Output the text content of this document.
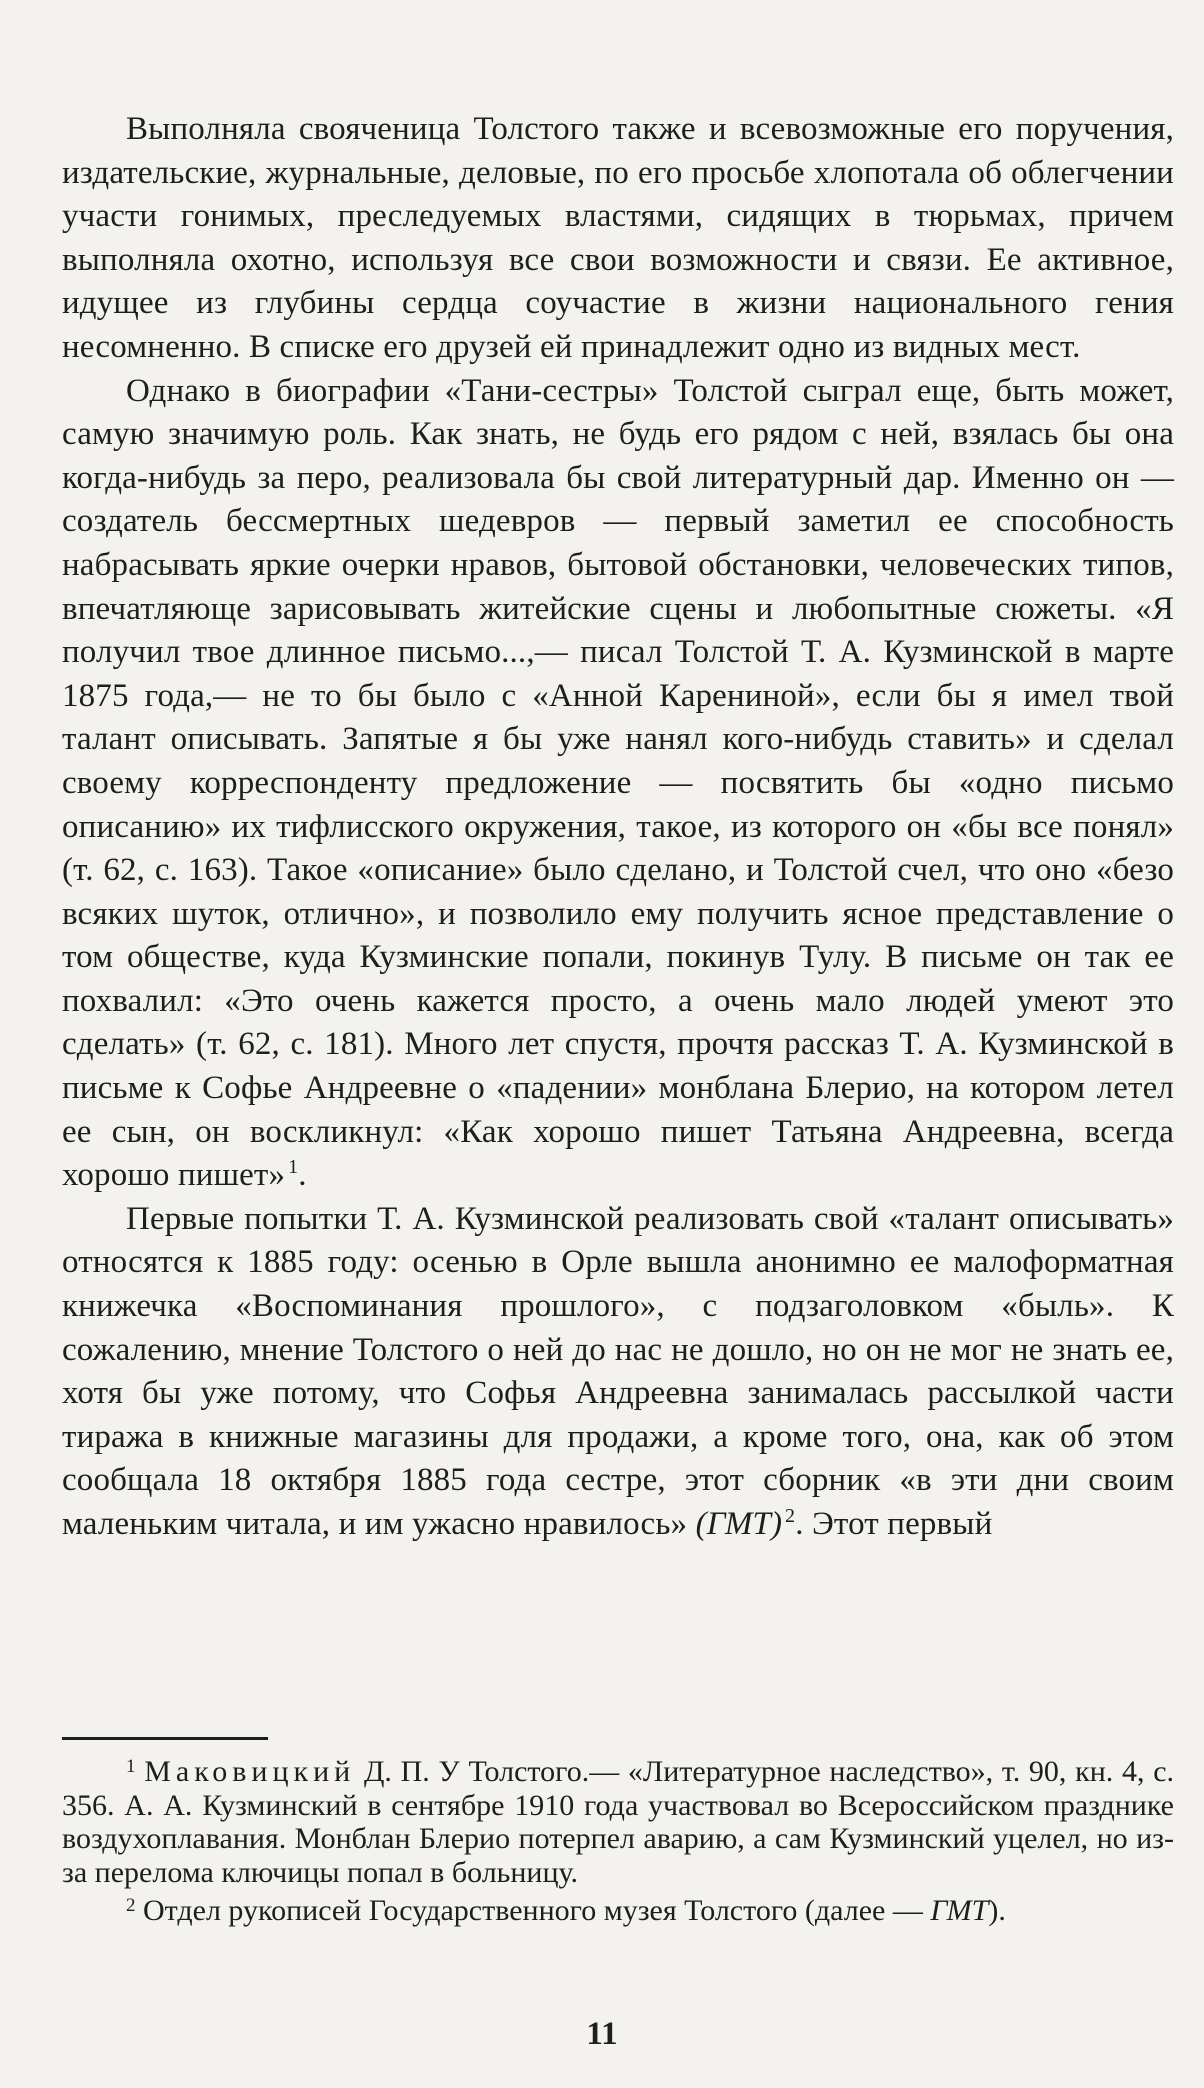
Выполняла свояченица Толстого также и всевозможные его поручения, издательские, журнальные, деловые, по его просьбе хлопотала об облегчении участи гонимых, преследуемых властями, сидящих в тюрьмах, причем выполняла охотно, используя все свои возможности и связи. Ее активное, идущее из глубины сердца соучастие в жизни национального гения несомненно. В списке его друзей ей принадлежит одно из видных мест.

Однако в биографии «Тани-сестры» Толстой сыграл еще, быть может, самую значимую роль. Как знать, не будь его рядом с ней, взялась бы она когда-нибудь за перо, реализовала бы свой литературный дар. Именно он — создатель бессмертных шедевров — первый заметил ее способность набрасывать яркие очерки нравов, бытовой обстановки, человеческих типов, впечатляюще зарисовывать житейские сцены и любопытные сюжеты. «Я получил твое длинное письмо...,— писал Толстой Т. А. Кузминской в марте 1875 года,— не то бы было с «Анной Карениной», если бы я имел твой талант описывать. Запятые я бы уже нанял кого-нибудь ставить» и сделал своему корреспонденту предложение — посвятить бы «одно письмо описанию» их тифлисского окружения, такое, из которого он «бы все понял» (т. 62, с. 163). Такое «описание» было сделано, и Толстой счел, что оно «безо всяких шуток, отлично», и позволило ему получить ясное представление о том обществе, куда Кузминские попали, покинув Тулу. В письме он так ее похвалил: «Это очень кажется просто, а очень мало людей умеют это сделать» (т. 62, с. 181). Много лет спустя, прочтя рассказ Т. А. Кузминской в письме к Софье Андреевне о «падении» монблана Блерио, на котором летел ее сын, он воскликнул: «Как хорошо пишет Татьяна Андреевна, всегда хорошо пишет»  $^1$.

Первые попытки Т. А. Кузминской реализовать свой «талант описывать» относятся к 1885 году: осенью в Орле вышла анонимно ее малоформатная книжечка «Воспоминания прошлого», с подзаголовком «быль». К сожалению, мнение Толстого о ней до нас не дошло, но он не мог не знать ее, хотя бы уже потому, что Софья Андреевна занималась рассылкой части тиража в книжные магазины для продажи, а кроме того, она, как об этом сообщала 18 октября 1885 года сестре, этот сборник «в эти дни своим маленьким читала, и им ужасно нравилось» (ГМТ)  $^2$. Этот первый

$^1$ Маковицкий Д. П. У Толстого.— «Литературное наследство», т. 90, кн. 4, с. 356. А. А. Кузминский в сентябре 1910 года участвовал во Всероссийском празднике воздухоплавания. Монблан Блерио потерпел аварию, а сам Кузминский уцелел, но из-за перелома ключицы попал в больницу.

$^2$ Отдел рукописей Государственного музея Толстого (далее — ГМТ).

11
